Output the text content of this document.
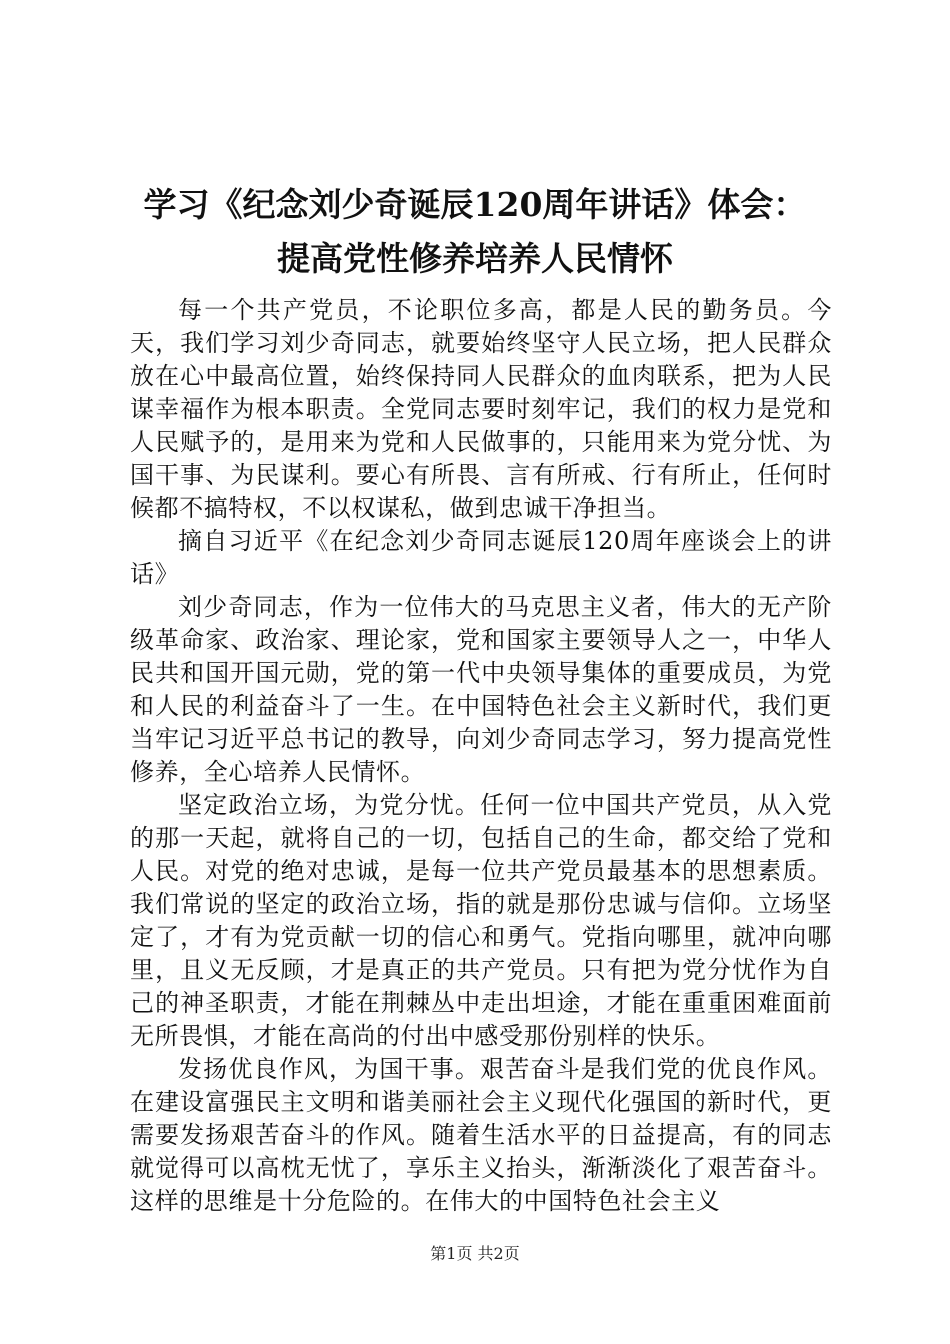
学习《纪念刘少奇诞辰120周年讲话》体会：
提高党性修养培养人民情怀

每一个共产党员，不论职位多高，都是人民的勤务员。今天，我们学习刘少奇同志，就要始终坚守人民立场，把人民群众放在心中最高位置，始终保持同人民群众的血肉联系，把为人民谋幸福作为根本职责。全党同志要时刻牢记，我们的权力是党和人民赋予的，是用来为党和人民做事的，只能用来为党分忧、为国干事、为民谋利。要心有所畏、言有所戒、行有所止，任何时候都不搞特权，不以权谋私，做到忠诚干净担当。

摘自习近平《在纪念刘少奇同志诞辰120周年座谈会上的讲话》

刘少奇同志，作为一位伟大的马克思主义者，伟大的无产阶级革命家、政治家、理论家，党和国家主要领导人之一，中华人民共和国开国元勋，党的第一代中央领导集体的重要成员，为党和人民的利益奋斗了一生。在中国特色社会主义新时代，我们更当牢记习近平总书记的教导，向刘少奇同志学习，努力提高党性修养，全心培养人民情怀。

坚定政治立场，为党分忧。任何一位中国共产党员，从入党的那一天起，就将自己的一切，包括自己的生命，都交给了党和人民。对党的绝对忠诚，是每一位共产党员最基本的思想素质。我们常说的坚定的政治立场，指的就是那份忠诚与信仰。立场坚定了，才有为党贡献一切的信心和勇气。党指向哪里，就冲向哪里，且义无反顾，才是真正的共产党员。只有把为党分忧作为自己的神圣职责，才能在荆棘丛中走出坦途，才能在重重困难面前无所畏惧，才能在高尚的付出中感受那份别样的快乐。

发扬优良作风，为国干事。艰苦奋斗是我们党的优良作风。在建设富强民主文明和谐美丽社会主义现代化强国的新时代，更需要发扬艰苦奋斗的作风。随着生活水平的日益提高，有的同志就觉得可以高枕无忧了，享乐主义抬头，渐渐淡化了艰苦奋斗。这样的思维是十分危险的。在伟大的中国特色社会主义

第1页 共2页
